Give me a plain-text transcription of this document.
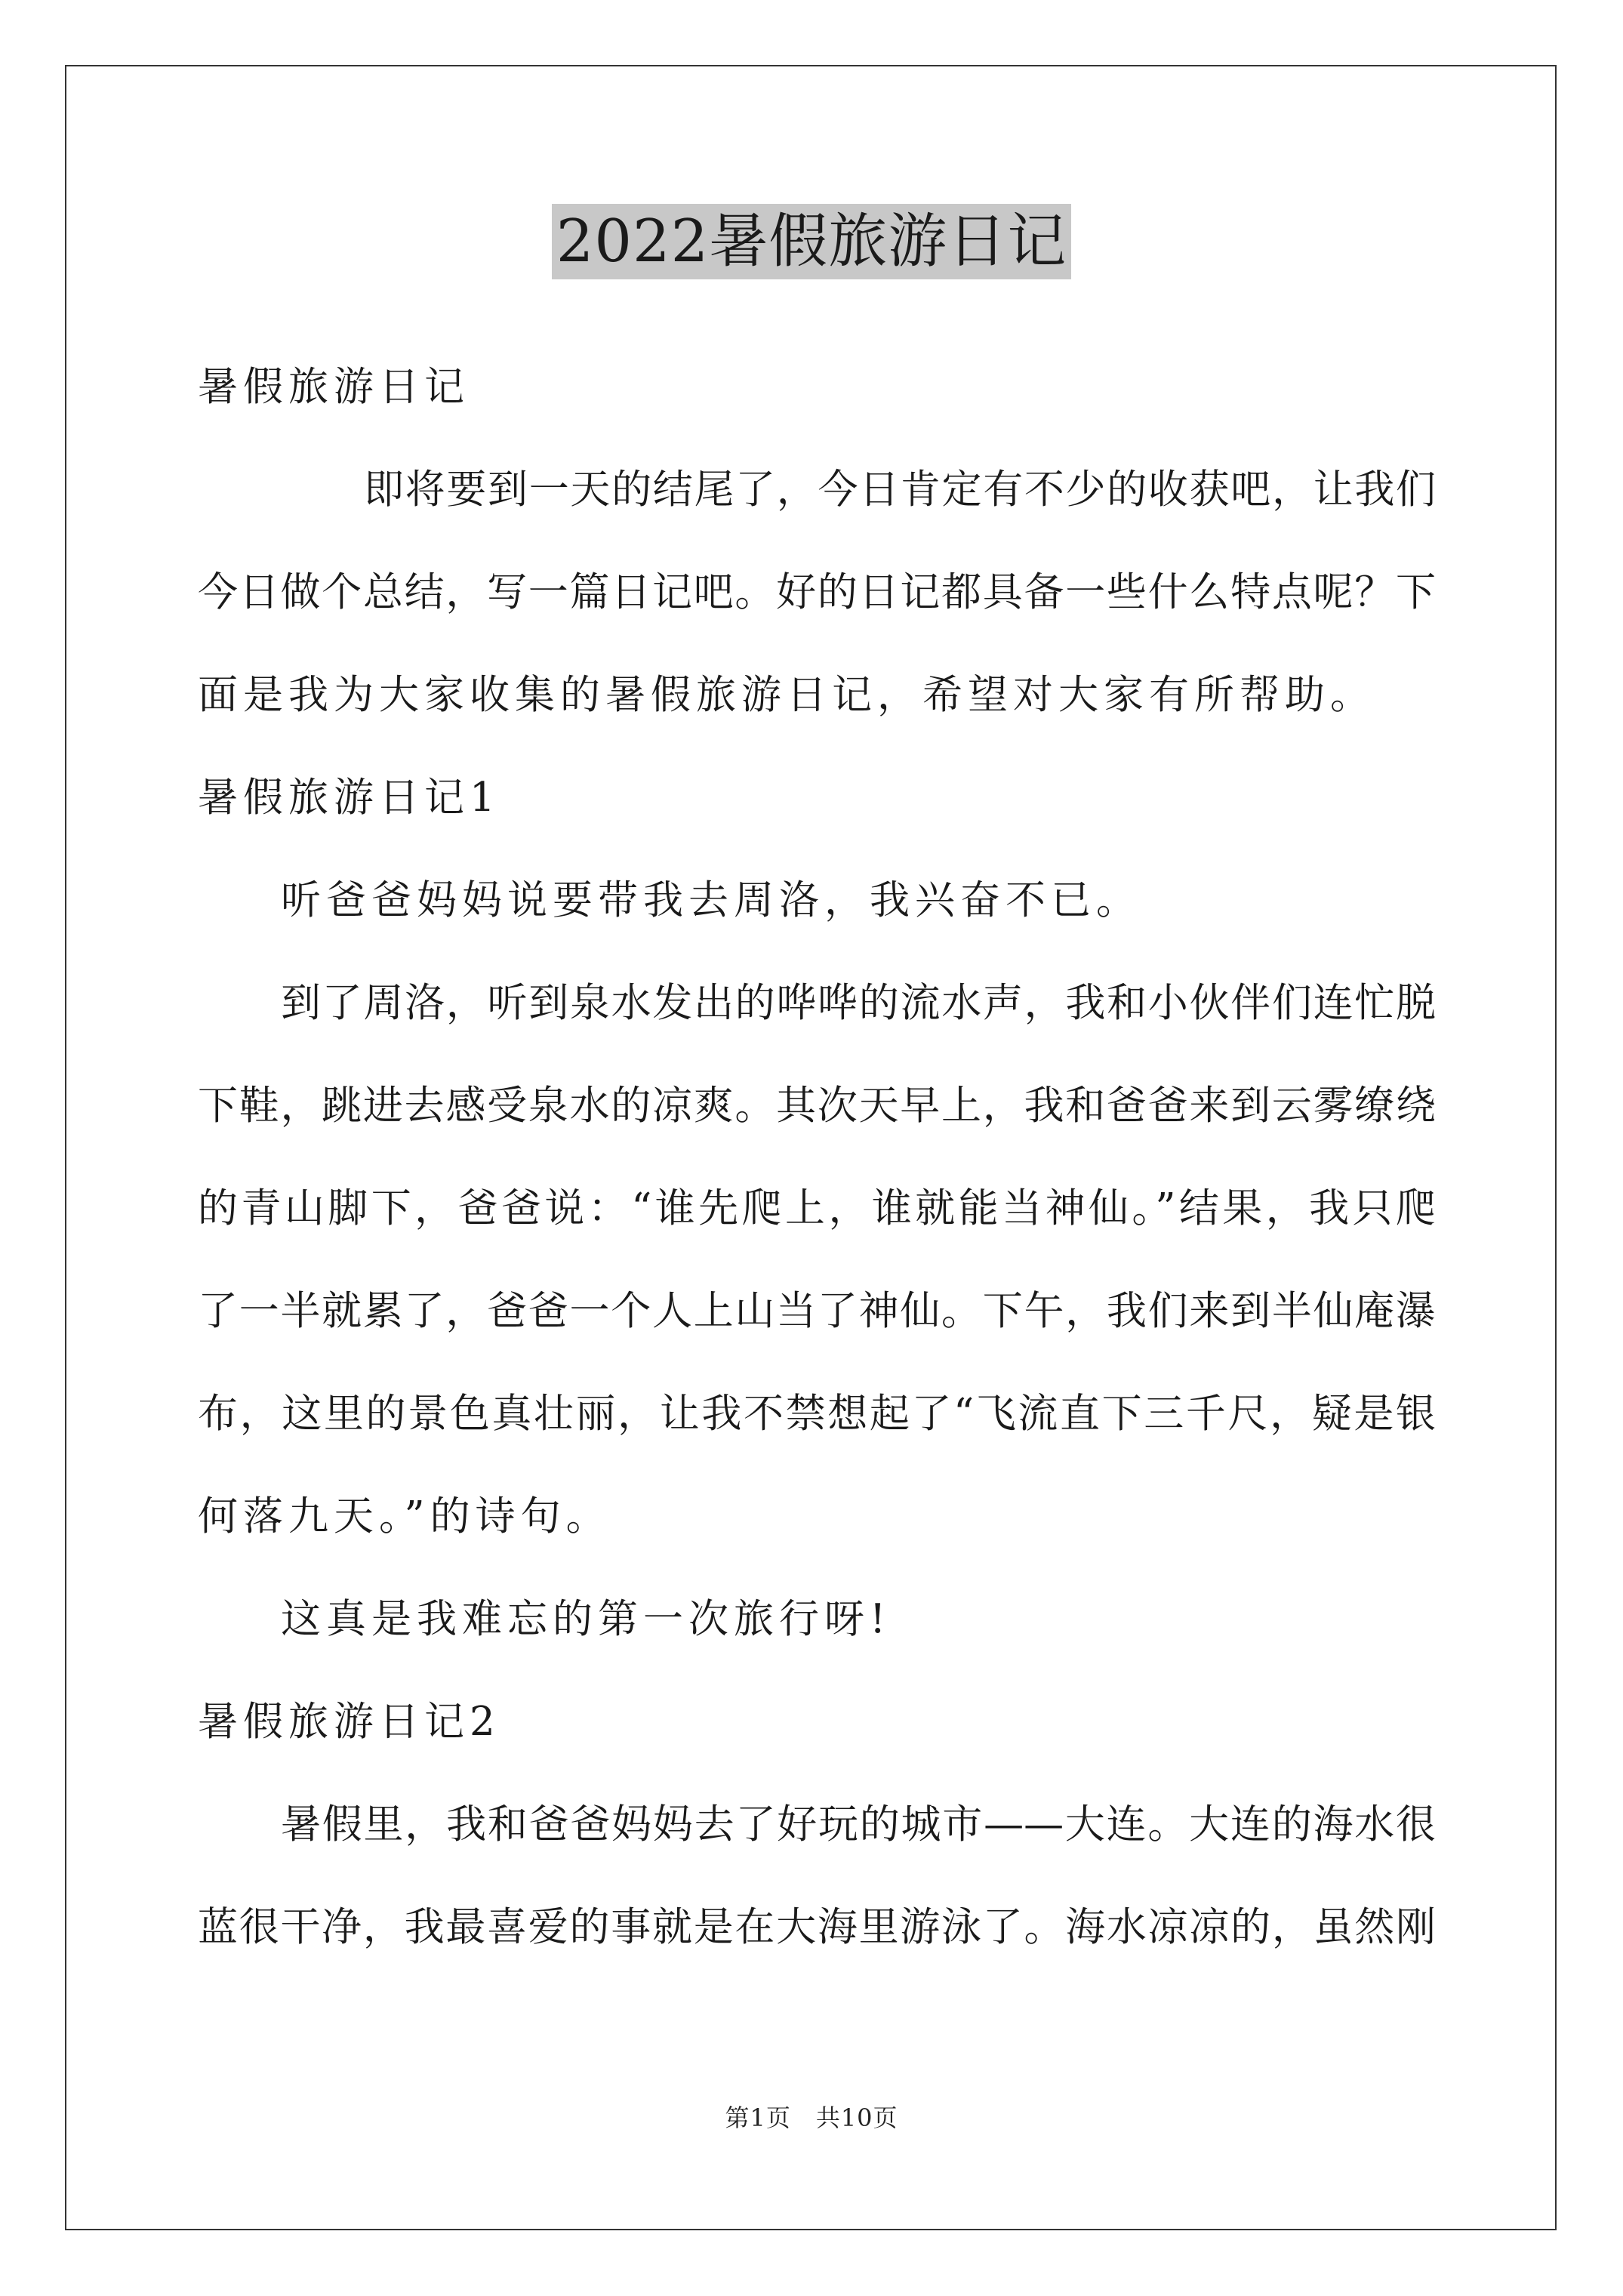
2022暑假旅游日记
暑假旅游日记
即将要到一天的结尾了，今日肯定有不少的收获吧，让我们
今日做个总结，写一篇日记吧。好的日记都具备一些什么特点呢？下
面是我为大家收集的暑假旅游日记，希望对大家有所帮助。
暑假旅游日记1
听爸爸妈妈说要带我去周洛，我兴奋不已。
到了周洛，听到泉水发出的哗哗的流水声，我和小伙伴们连忙脱
下鞋，跳进去感受泉水的凉爽。其次天早上，我和爸爸来到云雾缭绕
的青山脚下，爸爸说：“谁先爬上，谁就能当神仙。”结果，我只爬
了一半就累了，爸爸一个人上山当了神仙。下午，我们来到半仙庵瀑
布，这里的景色真壮丽，让我不禁想起了“飞流直下三千尺，疑是银
何落九天。”的诗句。
这真是我难忘的第一次旅行呀!
暑假旅游日记2
暑假里，我和爸爸妈妈去了好玩的城市——大连。大连的海水很
蓝很干净，我最喜爱的事就是在大海里游泳了。海水凉凉的，虽然刚
第1页　共10页
